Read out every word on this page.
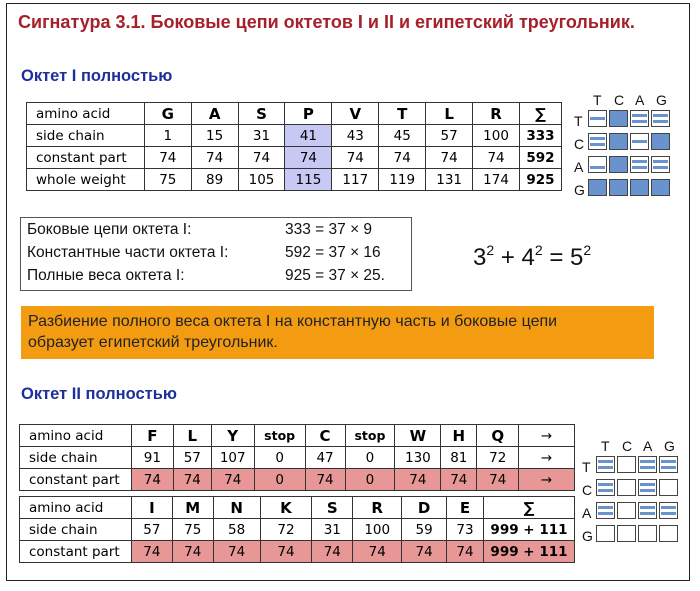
Сигнатура 3.1. Боковые цепи октетов I и II и египетский треугольник.
Октет I полностью
amino acid	G	A	S	P	V	T	L	R	∑
side chain	1	15	31	41	43	45	57	100	333
constant part	74	74	74	74	74	74	74	74	592
whole weight	75	89	105	115	117	119	131	174	925
T C A G
T
C
A
G
Боковые цепи октета I:	333 = 37 × 9
Константные части октета I:	592 = 37 × 16
Полные веса октета I:	925 = 37 × 25.
$3^2 + 4^2 = 5^2$
Разбиение полного веса октета I на константную часть и боковые цепи
образует египетский треугольник.
Октет II полностью
amino acid	F	L	Y	stop	C	stop	W	H	Q	→
side chain	91	57	107	0	47	0	130	81	72	→
constant part	74	74	74	0	74	0	74	74	74	→
amino acid	I	M	N	K	S	R	D	E	∑
side chain	57	75	58	72	31	100	59	73	999 + 111
constant part	74	74	74	74	74	74	74	74	999 + 111
T C A G
T
C
A
G
